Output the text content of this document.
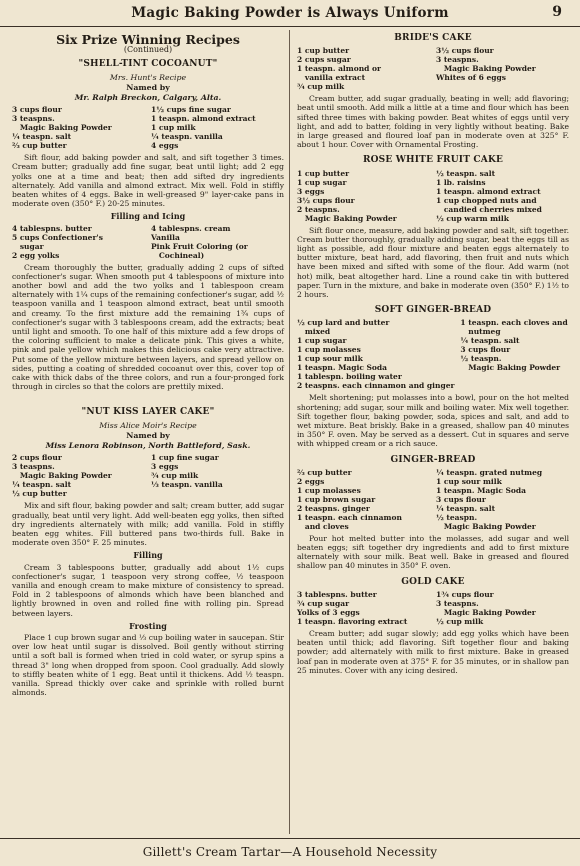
Magic Baking Powder is Always Uniform	9
Six Prize Winning Recipes
(Continued)
"SHELL-TINT COCOANUT"
Mrs. Hunt's Recipe
Named by
Mr. Ralph Breckon, Calgary, Alta.
3 cups flour
3 teaspns.
Magic Baking Powder
¼ teaspn. salt
⅔ cup butter
1½ cups fine sugar
1 teaspn. almond extract
1 cup milk
¼ teaspn. vanilla
4 eggs
Sift flour, add baking powder and salt, and sift together 3 times. Cream butter; gradually add fine sugar, beat until light; add 2 egg yolks one at a time and beat; then add sifted dry ingredients alternately. Add vanilla and almond extract. Mix well. Fold in stiffly beaten whites of 4 eggs. Bake in well-greased 9" layer-cake pans in moderate oven (350° F.) 20-25 minutes.
Filling and Icing
4 tablespns. butter
5 cups Confectioner's
sugar
2 egg yolks
4 tablespns. cream
Vanilla
Pink Fruit Coloring (or
Cochineal)
Cream thoroughly the butter, gradually adding 2 cups of sifted confectioner's sugar. When smooth put 4 tablespoons of mixture into another bowl and add the two yolks and 1 tablespoon cream alternately with 1¼ cups of the remaining confectioner's sugar, add ½ teaspoon vanilla and 1 teaspoon almond extract, beat until smooth and creamy. To the first mixture add the remaining 1¾ cups of confectioner's sugar with 3 tablespoons cream, add the extracts; beat until light and smooth. To one half of this mixture add a few drops of the coloring sufficient to make a delicate pink. This gives a white, pink and pale yellow which makes this delicious cake very attractive. Put some of the yellow mixture between layers, and spread yellow on sides, putting a coating of shredded cocoanut over this, cover top of cake with thick dabs of the three colors, and run a four-pronged fork through in circles so that the colors are prettily mixed.
"NUT KISS LAYER CAKE"
Miss Alice Moir's Recipe
Named by
Miss Lenora Robinson, North Battleford, Sask.
2 cups flour
3 teaspns.
Magic Baking Powder
¼ teaspn. salt
½ cup butter
1 cup fine sugar
3 eggs
¾ cup milk
⅓ teaspn. vanilla
Mix and sift flour, baking powder and salt; cream butter, add sugar gradually, beat until very light. Add well-beaten egg yolks, then sifted dry ingredients alternately with milk; add vanilla. Fold in stiffly beaten egg whites. Fill buttered pans two-thirds full. Bake in moderate oven 350° F. 25 minutes.
Filling
Cream 3 tablespoons butter, gradually add about 1½ cups confectioner's sugar, 1 teaspoon very strong coffee, ½ teaspoon vanilla and enough cream to make mixture of consistency to spread. Fold in 2 tablespoons of almonds which have been blanched and lightly browned in oven and rolled fine with rolling pin. Spread between layers.
Frosting
Place 1 cup brown sugar and ⅓ cup boiling water in saucepan. Stir over low heat until sugar is dissolved. Boil gently without stirring until a soft ball is formed when tried in cold water, or syrup spins a thread 3" long when dropped from spoon. Cool gradually. Add slowly to stiffly beaten white of 1 egg. Beat until it thickens. Add ½ teaspn. vanilla. Spread thickly over cake and sprinkle with rolled burnt almonds.
BRIDE'S CAKE
1 cup butter
2 cups sugar
1 teaspn. almond or
vanilla extract
¾ cup milk
3½ cups flour
3 teaspns.
Magic Baking Powder
Whites of 6 eggs
Cream butter, add sugar gradually, beating in well; add flavoring; beat until smooth. Add milk a little at a time and flour which has been sifted three times with baking powder. Beat whites of eggs until very light, and add to batter, folding in very lightly without beating. Bake in large greased and floured loaf pan in moderate oven at 325° F. about 1 hour. Cover with Ornamental Frosting.
ROSE WHITE FRUIT CAKE
1 cup butter
1 cup sugar
3 eggs
3½ cups flour
2 teaspns.
Magic Baking Powder
½ teaspn. salt
1 lb. raisins
1 teaspn. almond extract
1 cup chopped nuts and
candied cherries mixed
½ cup warm milk
Sift flour once, measure, add baking powder and salt, sift together. Cream butter thoroughly, gradually adding sugar, beat the eggs till as light as possible, add flour mixture and beaten eggs alternately to butter mixture, beat hard, add flavoring, then fruit and nuts which have been mixed and sifted with some of the flour. Add warm (not hot) milk, beat altogether hard. Line a round cake tin with buttered paper. Turn in the mixture, and bake in moderate oven (350° F.) 1½ to 2 hours.
SOFT GINGER-BREAD
½ cup lard and butter
mixed
1 cup sugar
1 cup molasses
1 cup sour milk
1 teaspn. Magic Soda
1 tablespn. boiling water
2 teaspns. each cinnamon and ginger
1 teaspn. each cloves and
nutmeg
¼ teaspn. salt
3 cups flour
½ teaspn.
Magic Baking Powder
Melt shortening; put molasses into a bowl, pour on the hot melted shortening; add sugar, sour milk and boiling water. Mix well together. Sift together flour, baking powder, soda, spices and salt, and add to wet mixture. Beat briskly. Bake in a greased, shallow pan 40 minutes in 350° F. oven. May be served as a dessert. Cut in squares and serve with whipped cream or a rich sauce.
GINGER-BREAD
⅔ cup butter
2 eggs
1 cup molasses
1 cup brown sugar
2 teaspns. ginger
1 teaspn. each cinnamon
and cloves
¼ teaspn. grated nutmeg
1 cup sour milk
1 teaspn. Magic Soda
3 cups flour
¼ teaspn. salt
½ teaspn.
Magic Baking Powder
Pour hot melted butter into the molasses, add sugar and well beaten eggs; sift together dry ingredients and add to first mixture alternately with sour milk. Beat well. Bake in greased and floured shallow pan 40 minutes in 350° F. oven.
GOLD CAKE
3 tablespns. butter
¾ cup sugar
Yolks of 3 eggs
1 teaspn. flavoring extract
1¾ cups flour
3 teaspns.
Magic Baking Powder
½ cup milk
Cream butter; add sugar slowly; add egg yolks which have been beaten until thick; add flavoring. Sift together flour and baking powder; add alternately with milk to first mixture. Bake in greased loaf pan in moderate oven at 375° F. for 35 minutes, or in shallow pan 25 minutes. Cover with any icing desired.
Gillett's Cream Tartar—A Household Necessity
